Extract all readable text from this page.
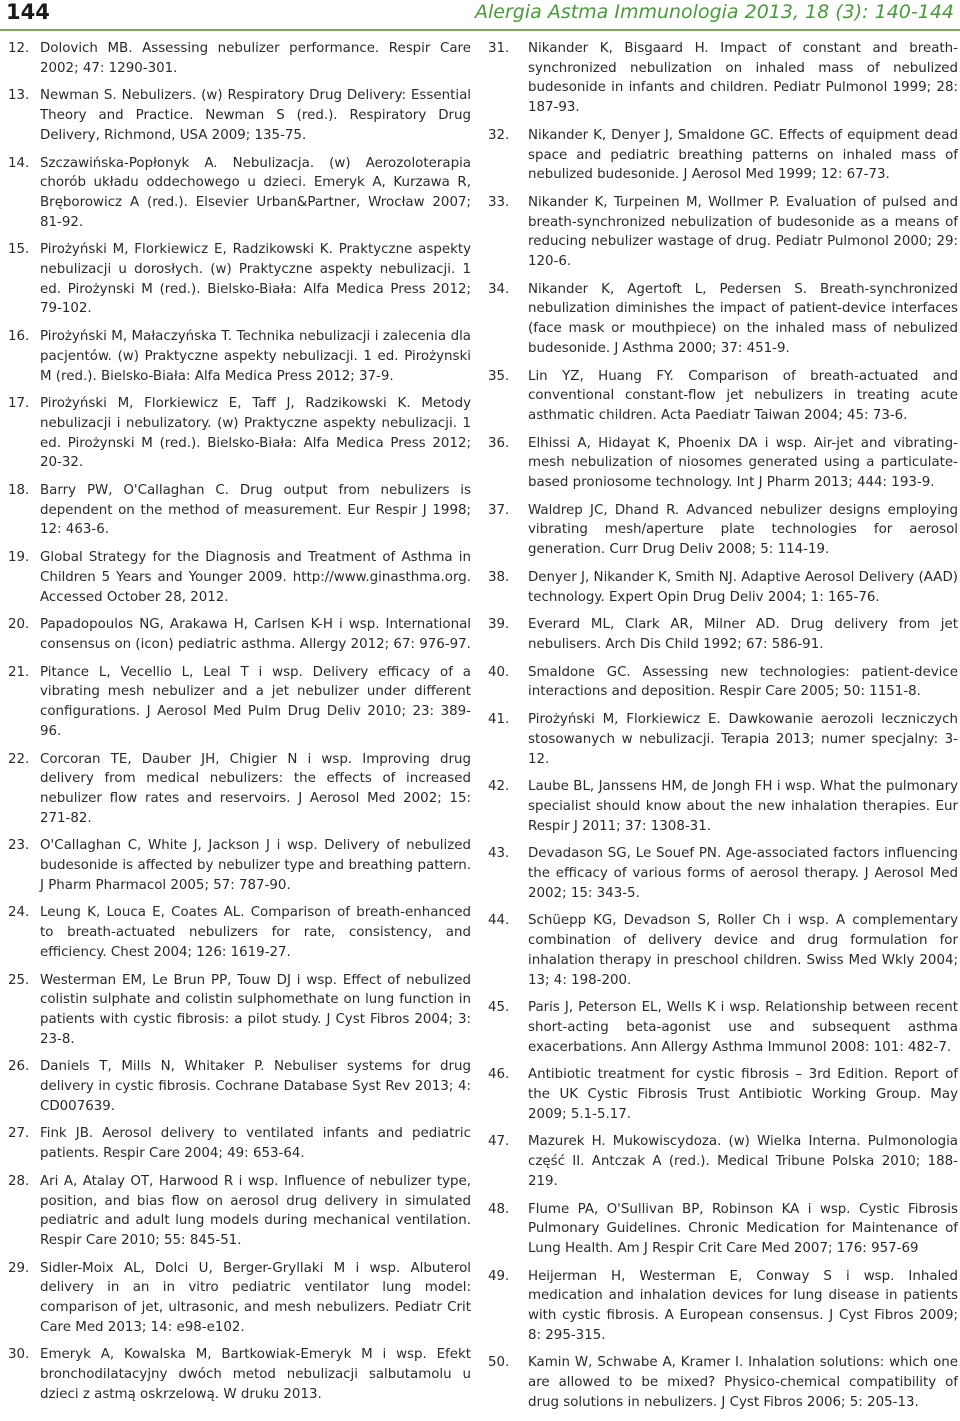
144	Alergia Astma Immunologia 2013, 18 (3): 140-144
12. Dolovich MB. Assessing nebulizer performance. Respir Care 2002; 47: 1290-301.
13. Newman S. Nebulizers. (w) Respiratory Drug Delivery: Essential Theory and Practice. Newman S (red.). Respiratory Drug Delivery, Richmond, USA 2009; 135-75.
14. Szczawińska-Popłonyk A. Nebulizacja. (w) Aerozoloterapia chorób układu oddechowego u dzieci. Emeryk A, Kurzawa R, Bręborowicz A (red.). Elsevier Urban&Partner, Wrocław 2007; 81-92.
15. Pirożyński M, Florkiewicz E, Radzikowski K. Praktyczne aspekty nebulizacji u dorosłych. (w) Praktyczne aspekty nebulizacji. 1 ed. Pirożynski M (red.). Bielsko-Biała: Alfa Medica Press 2012; 79-102.
16. Pirożyński M, Małaczyńska T. Technika nebulizacji i zalecenia dla pacjentów. (w) Praktyczne aspekty nebulizacji. 1 ed. Pirożynski M (red.). Bielsko-Biała: Alfa Medica Press 2012; 37-9.
17. Pirożyński M, Florkiewicz E, Taff J, Radzikowski K. Metody nebulizacji i nebulizatory. (w) Praktyczne aspekty nebulizacji. 1 ed. Pirożynski M (red.). Bielsko-Biała: Alfa Medica Press 2012; 20-32.
18. Barry PW, O'Callaghan C. Drug output from nebulizers is dependent on the method of measurement. Eur Respir J 1998; 12: 463-6.
19. Global Strategy for the Diagnosis and Treatment of Asthma in Children 5 Years and Younger 2009. http://www.ginasthma.org. Accessed October 28, 2012.
20. Papadopoulos NG, Arakawa H, Carlsen K-H i wsp. International consensus on (icon) pediatric asthma. Allergy 2012; 67: 976-97.
21. Pitance L, Vecellio L, Leal T i wsp. Delivery efficacy of a vibrating mesh nebulizer and a jet nebulizer under different configurations. J Aerosol Med Pulm Drug Deliv 2010; 23: 389-96.
22. Corcoran TE, Dauber JH, Chigier N i wsp. Improving drug delivery from medical nebulizers: the effects of increased nebulizer flow rates and reservoirs. J Aerosol Med 2002; 15: 271-82.
23. O'Callaghan C, White J, Jackson J i wsp. Delivery of nebulized budesonide is affected by nebulizer type and breathing pattern. J Pharm Pharmacol 2005; 57: 787-90.
24. Leung K, Louca E, Coates AL. Comparison of breath-enhanced to breath-actuated nebulizers for rate, consistency, and efficiency. Chest 2004; 126: 1619-27.
25. Westerman EM, Le Brun PP, Touw DJ i wsp. Effect of nebulized colistin sulphate and colistin sulphomethate on lung function in patients with cystic fibrosis: a pilot study. J Cyst Fibros 2004; 3: 23-8.
26. Daniels T, Mills N, Whitaker P. Nebuliser systems for drug delivery in cystic fibrosis. Cochrane Database Syst Rev 2013; 4: CD007639.
27. Fink JB. Aerosol delivery to ventilated infants and pediatric patients. Respir Care 2004; 49: 653-64.
28. Ari A, Atalay OT, Harwood R i wsp. Influence of nebulizer type, position, and bias flow on aerosol drug delivery in simulated pediatric and adult lung models during mechanical ventilation. Respir Care 2010; 55: 845-51.
29. Sidler-Moix AL, Dolci U, Berger-Gryllaki M i wsp. Albuterol delivery in an in vitro pediatric ventilator lung model: comparison of jet, ultrasonic, and mesh nebulizers. Pediatr Crit Care Med 2013; 14: e98-e102.
30. Emeryk A, Kowalska M, Bartkowiak-Emeryk M i wsp. Efekt bronchodilatacyjny dwóch metod nebulizacji salbutamolu u dzieci z astmą oskrzelową. W druku 2013.
31.	Nikander K, Bisgaard H. Impact of constant and breath-synchronized nebulization on inhaled mass of nebulized budesonide in infants and children. Pediatr Pulmonol 1999; 28: 187-93.
32.	Nikander K, Denyer J, Smaldone GC. Effects of equipment dead space and pediatric breathing patterns on inhaled mass of nebulized budesonide. J Aerosol Med 1999; 12: 67-73.
33.	Nikander K, Turpeinen M, Wollmer P. Evaluation of pulsed and breath-synchronized nebulization of budesonide as a means of reducing nebulizer wastage of drug. Pediatr Pulmonol 2000; 29: 120-6.
34.	Nikander K, Agertoft L, Pedersen S. Breath-synchronized nebulization diminishes the impact of patient-device interfaces (face mask or mouthpiece) on the inhaled mass of nebulized budesonide. J Asthma 2000; 37: 451-9.
35.	Lin YZ, Huang FY. Comparison of breath-actuated and conventional constant-flow jet nebulizers in treating acute asthmatic children. Acta Paediatr Taiwan 2004; 45: 73-6.
36.	Elhissi A, Hidayat K, Phoenix DA i wsp. Air-jet and vibrating-mesh nebulization of niosomes generated using a particulate-based proniosome technology. Int J Pharm 2013; 444: 193-9.
37.	Waldrep JC, Dhand R. Advanced nebulizer designs employing vibrating mesh/aperture plate technologies for aerosol generation. Curr Drug Deliv 2008; 5: 114-19.
38.	Denyer J, Nikander K, Smith NJ. Adaptive Aerosol Delivery (AAD) technology. Expert Opin Drug Deliv 2004; 1: 165-76.
39.	Everard ML, Clark AR, Milner AD. Drug delivery from jet nebulisers. Arch Dis Child 1992; 67: 586-91.
40.	Smaldone GC. Assessing new technologies: patient-device interactions and deposition. Respir Care 2005; 50: 1151-8.
41.	Pirożyński M, Florkiewicz E. Dawkowanie aerozoli leczniczych stosowanych w nebulizacji. Terapia 2013; numer specjalny: 3-12.
42.	Laube BL, Janssens HM, de Jongh FH i wsp. What the pulmonary specialist should know about the new inhalation therapies. Eur Respir J 2011; 37: 1308-31.
43.	Devadason SG, Le Souef PN. Age-associated factors influencing the efficacy of various forms of aerosol therapy. J Aerosol Med 2002; 15: 343-5.
44.	Schüepp KG, Devadson S, Roller Ch i wsp. A complementary combination of delivery device and drug formulation for inhalation therapy in preschool children. Swiss Med Wkly 2004; 13; 4: 198-200.
45.	Paris J, Peterson EL, Wells K i wsp. Relationship between recent short-acting beta-agonist use and subsequent asthma exacerbations. Ann Allergy Asthma Immunol 2008: 101: 482-7.
46.	Antibiotic treatment for cystic fibrosis – 3rd Edition. Report of the UK Cystic Fibrosis Trust Antibiotic Working Group. May 2009; 5.1-5.17.
47.	Mazurek H. Mukowiscydoza. (w) Wielka Interna. Pulmonologia część II. Antczak A (red.). Medical Tribune Polska 2010; 188-219.
48.	Flume PA, O'Sullivan BP, Robinson KA i wsp. Cystic Fibrosis Pulmonary Guidelines. Chronic Medication for Maintenance of Lung Health. Am J Respir Crit Care Med 2007; 176: 957-69
49.	Heijerman H, Westerman E, Conway S i wsp. Inhaled medication and inhalation devices for lung disease in patients with cystic fibrosis. A European consensus. J Cyst Fibros 2009; 8: 295-315.
50.	Kamin W, Schwabe A, Kramer I. Inhalation solutions: which one are allowed to be mixed? Physico-chemical compatibility of drug solutions in nebulizers. J Cyst Fibros 2006; 5: 205-13.
